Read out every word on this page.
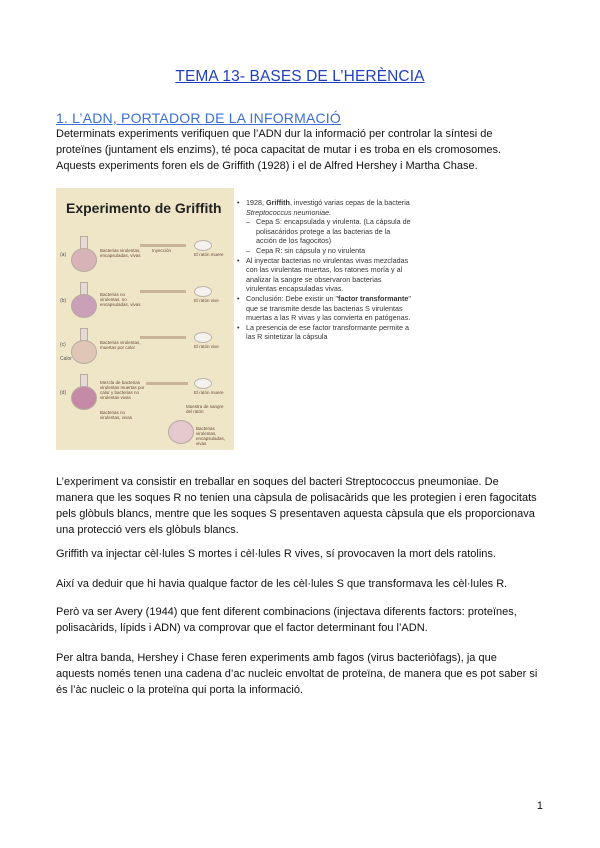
TEMA 13- BASES DE L’HERÈNCIA
1. L’ADN, PORTADOR DE LA INFORMACIÓ
Determinats experiments verifiquen que l’ADN dur la informació per controlar la síntesi de
proteïnes (juntament els enzims), té poca capacitat de mutar i es troba en els cromosomes.
Aquests experiments foren els de Griffith (1928) i el de Alfred Hershey i Martha Chase.
Experimento de Griffith
(a)
Bacterias virulentas, encapsuladas, vivas
Inyección
El ratón muere
(b)
Bacterias no virulentas, no encapsuladas, vivas
El ratón vive
(c)
Calor
Bacterias virulentas, muertas por calor	El ratón vive
(d)
Mezcla de bacterias virulentas muertas por calor y bacterias no virulentas vivas
El ratón muere
Bacterias no virulentas, vivas
Muestra de sangre del ratón
Bacterias virulentas, encapsuladas, vivas
• 1928, Griffith, investigó varias cepas de la bacteria Streptococcus neumoniae.
– Cepa S: encapsulada y virulenta. (La cápsula de polisacáridos protege a las bacterias de la acción de los fagocitos)
– Cepa R: sin cápsula y no virulenta
• Al inyectar bacterias no virulentas vivas mezcladas con las virulentas muertas, los ratones moría y al analizar la sangre se observaron bacterias virulentas encapsuladas vivas.
• Conclusión: Debe existir un "factor transformante" que se transmite desde las bacterias S virulentas muertas a las R vivas y las convierta en patógenas.
• La presencia de ese factor transformante permite a las R sintetizar la cápsula
L’experiment va consistir en treballar en soques del bacteri Streptococcus pneumoniae. De
manera que les soques R no tenien una càpsula de polisacàrids que les protegien i eren fagocitats
pels glòbuls blancs, mentre que les soques S presentaven aquesta càpsula que els proporcionava
una protecció vers els glòbuls blancs.
Griffith va injectar cèl·lules S mortes i cèl·lules R vives, sí provocaven la mort dels ratolins.
Així va deduir que hi havia qualque factor de les cèl·lules S que transformava les cèl·lules R.
Però va ser Avery (1944) que fent diferent combinacions (injectava diferents factors: proteïnes,
polisacàrids, lípids i ADN) va comprovar que el factor determinant fou l’ADN.
Per altra banda, Hershey i Chase feren experiments amb fagos (virus bacteriòfags), ja que
aquests només tenen una cadena d’ac nucleic envoltat de proteïna, de manera que es pot saber si
és l’àc nucleic o la proteïna qui porta la informació.
1
